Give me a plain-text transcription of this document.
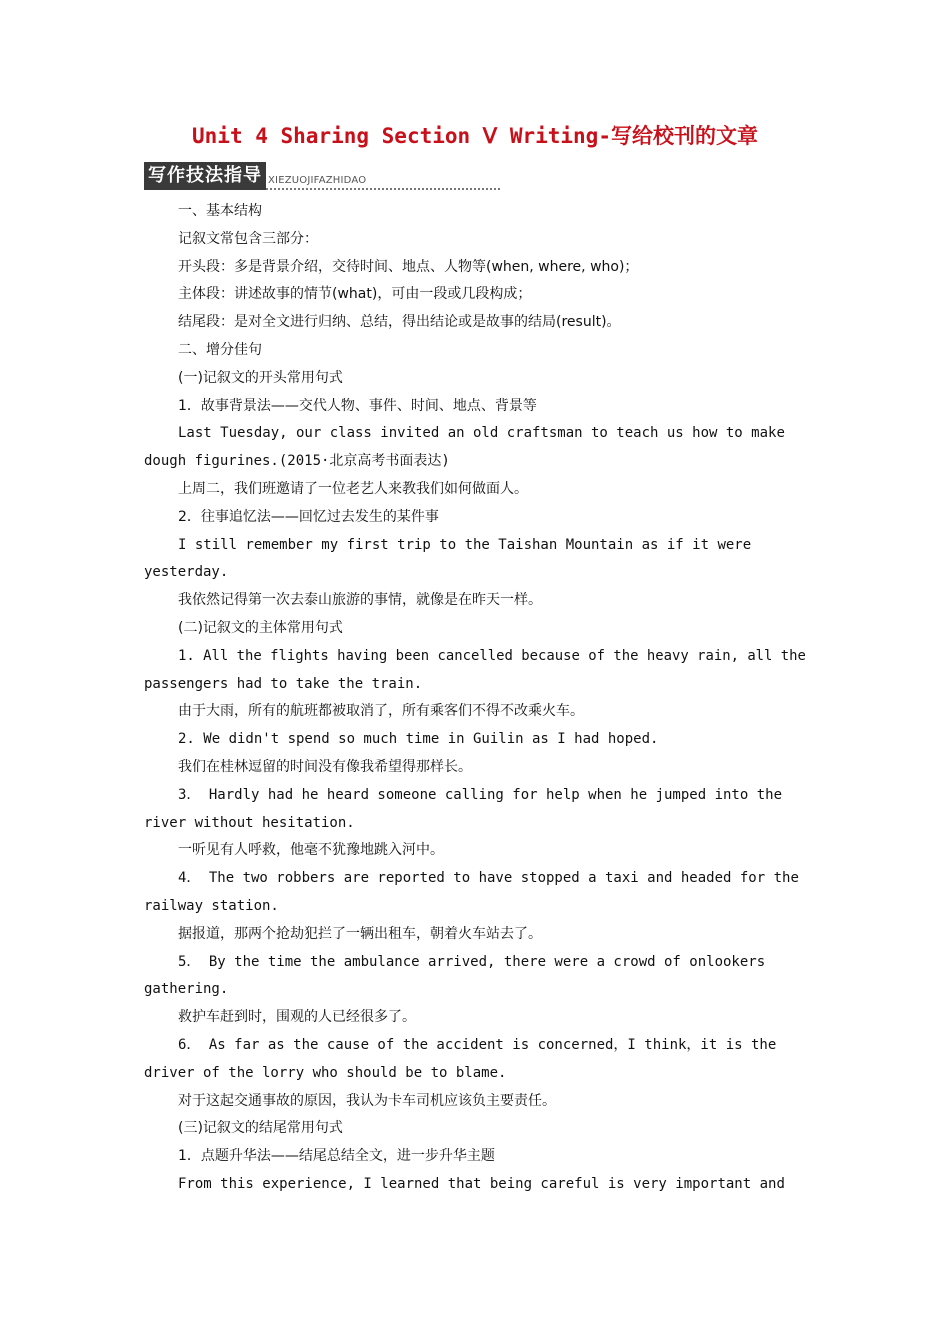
Unit 4 Sharing Section Ⅴ Writing-写给校刊的文章
写作技法指导 XIEZUOJIFAZHIDAO
一、基本结构
记叙文常包含三部分：
开头段：多是背景介绍，交待时间、地点、人物等(when, where, who)；
主体段：讲述故事的情节(what)，可由一段或几段构成；
结尾段：是对全文进行归纳、总结，得出结论或是故事的结局(result)。
二、增分佳句
(一)记叙文的开头常用句式
1．故事背景法——交代人物、事件、时间、地点、背景等
Last Tuesday, our class invited an old craftsman to teach us how to make
dough figurines.(2015·北京高考书面表达)
上周二，我们班邀请了一位老艺人来教我们如何做面人。
2．往事追忆法——回忆过去发生的某件事
I still remember my first trip to the Taishan Mountain as if it were
yesterday.
我依然记得第一次去泰山旅游的事情，就像是在昨天一样。
(二)记叙文的主体常用句式
1. All the flights having been cancelled because of the heavy rain, all the
passengers had to take the train.
由于大雨，所有的航班都被取消了，所有乘客们不得不改乘火车。
2. We didn't spend so much time in Guilin as I had hoped.
我们在桂林逗留的时间没有像我希望得那样长。
3． Hardly had he heard someone calling for help when he jumped into the
river without hesitation.
一听见有人呼救，他毫不犹豫地跳入河中。
4． The two robbers are reported to have stopped a taxi and headed for the
railway station.
据报道，那两个抢劫犯拦了一辆出租车，朝着火车站去了。
5． By the time the ambulance arrived, there were a crowd of onlookers
gathering.
救护车赶到时，围观的人已经很多了。
6． As far as the cause of the accident is concerned，I think，it is the
driver of the lorry who should be to blame.
对于这起交通事故的原因，我认为卡车司机应该负主要责任。
(三)记叙文的结尾常用句式
1．点题升华法——结尾总结全文，进一步升华主题
From this experience, I learned that being careful is very important and
